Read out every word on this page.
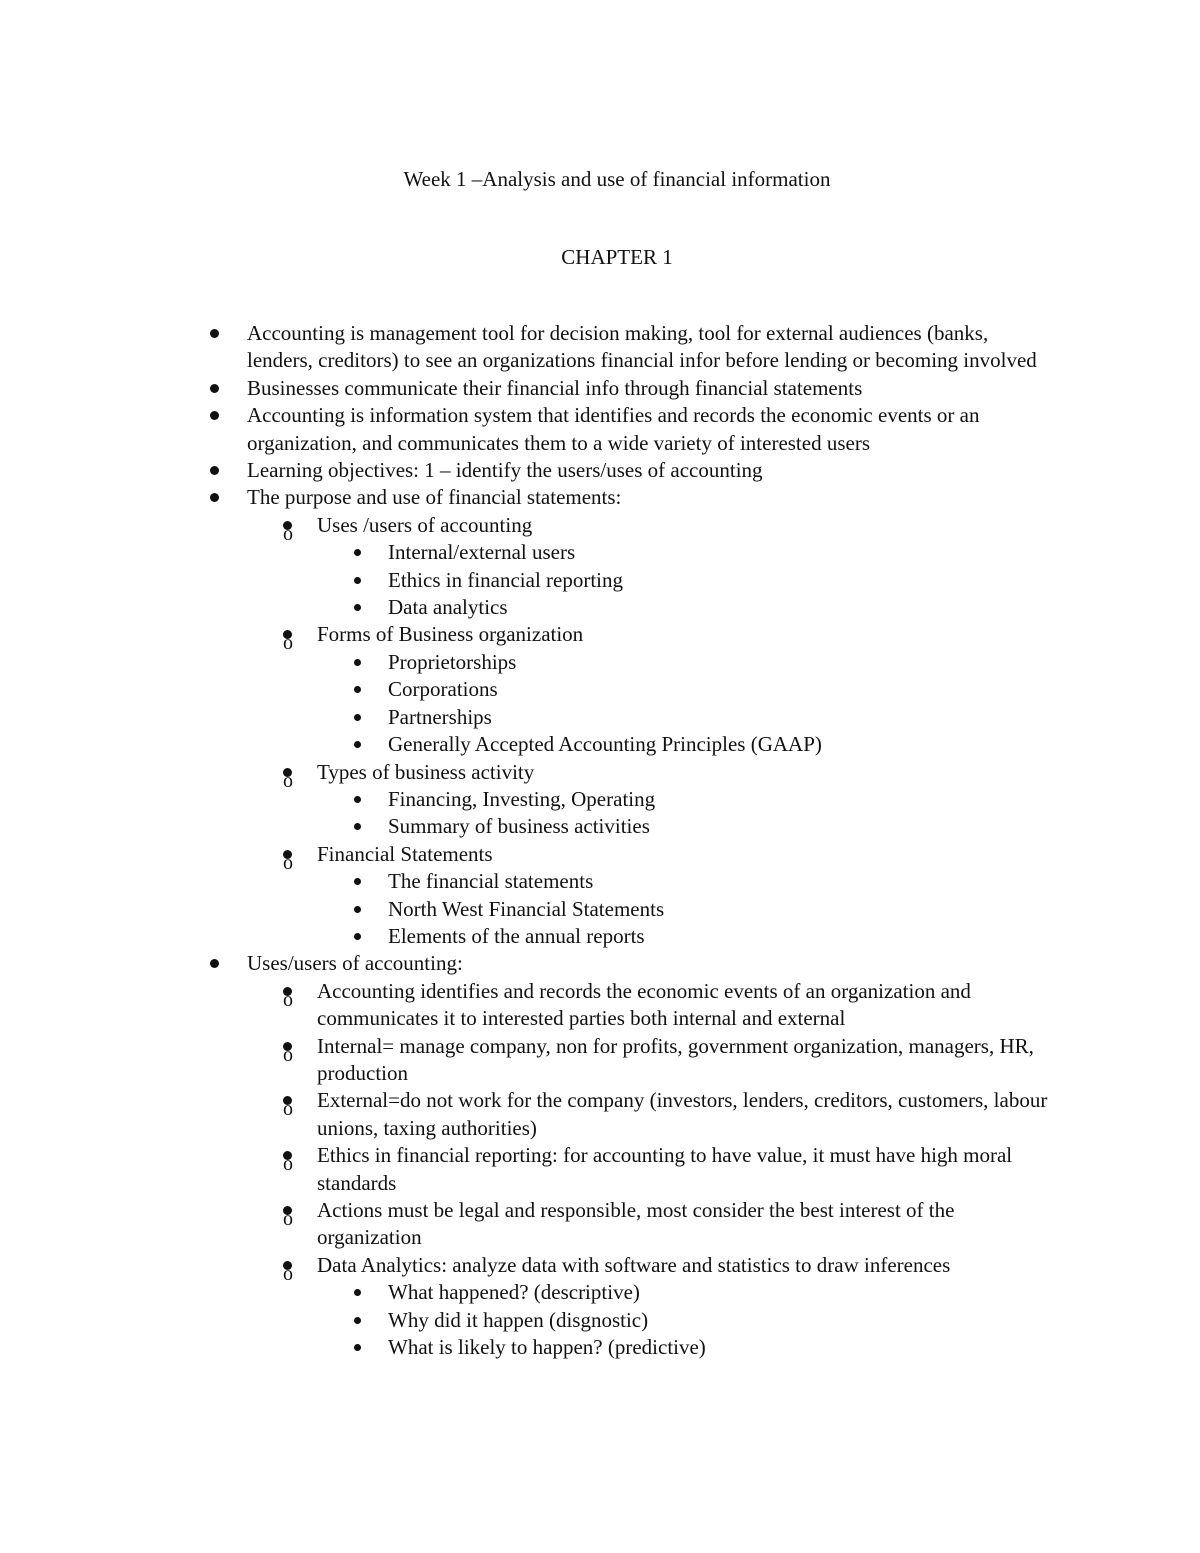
Week 1 –Analysis and use of financial information
CHAPTER 1
Accounting is management tool for decision making, tool for external audiences (banks, lenders, creditors) to see an organizations financial infor before lending or becoming involved
Businesses communicate their financial info through financial statements
Accounting is information system that identifies and records the economic events or an organization, and communicates them to a wide variety of interested users
Learning objectives: 1 – identify the users/uses of accounting
The purpose and use of financial statements:
o Uses /users of accounting
Internal/external users
Ethics in financial reporting
Data analytics
o Forms of Business organization
Proprietorships
Corporations
Partnerships
Generally Accepted Accounting Principles (GAAP)
o Types of business activity
Financing, Investing, Operating
Summary of business activities
o Financial Statements
The financial statements
North West Financial Statements
Elements of the annual reports
Uses/users of accounting:
o Accounting identifies and records the economic events of an organization and communicates it to interested parties both internal and external
o Internal= manage company, non for profits, government organization, managers, HR, production
o External=do not work for the company (investors, lenders, creditors, customers, labour unions, taxing authorities)
o Ethics in financial reporting: for accounting to have value, it must have high moral standards
o Actions must be legal and responsible, most consider the best interest of the organization
o Data Analytics: analyze data with software and statistics to draw inferences
What happened? (descriptive)
Why did it happen (disgnostic)
What is likely to happen? (predictive)
